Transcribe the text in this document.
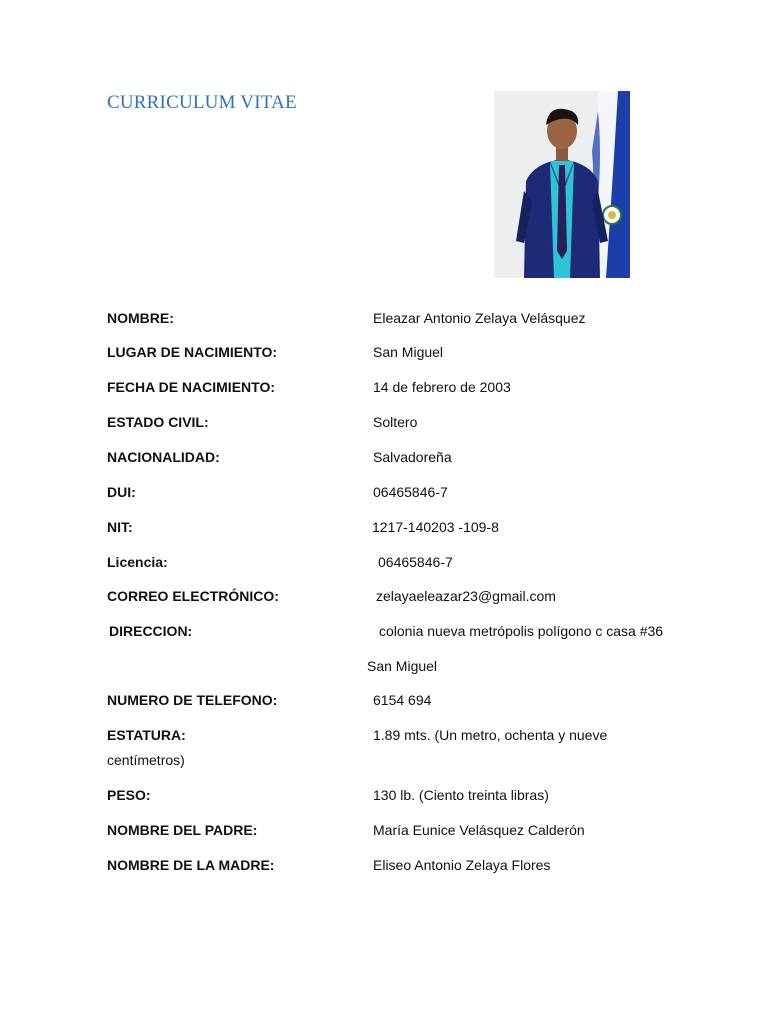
CURRICULUM VITAE
NOMBRE:	Eleazar Antonio Zelaya Velásquez
LUGAR DE NACIMIENTO:	San Miguel
FECHA DE NACIMIENTO:	14 de febrero de 2003
ESTADO CIVIL:	Soltero
NACIONALIDAD:	Salvadoreña
DUI:	06465846-7
NIT:	1217-140203 -109-8
Licencia:	06465846-7
CORREO ELECTRÓNICO:	zelayaeleazar23@gmail.com
DIRECCION:	colonia nueva metrópolis polígono c casa #36
San Miguel
NUMERO DE TELEFONO:	6154 694
ESTATURA:	1.89 mts. (Un metro, ochenta y nueve
centímetros)
PESO:	130 lb. (Ciento treinta libras)
NOMBRE DEL PADRE:	María Eunice Velásquez Calderón
NOMBRE DE LA MADRE:	Eliseo Antonio Zelaya Flores
